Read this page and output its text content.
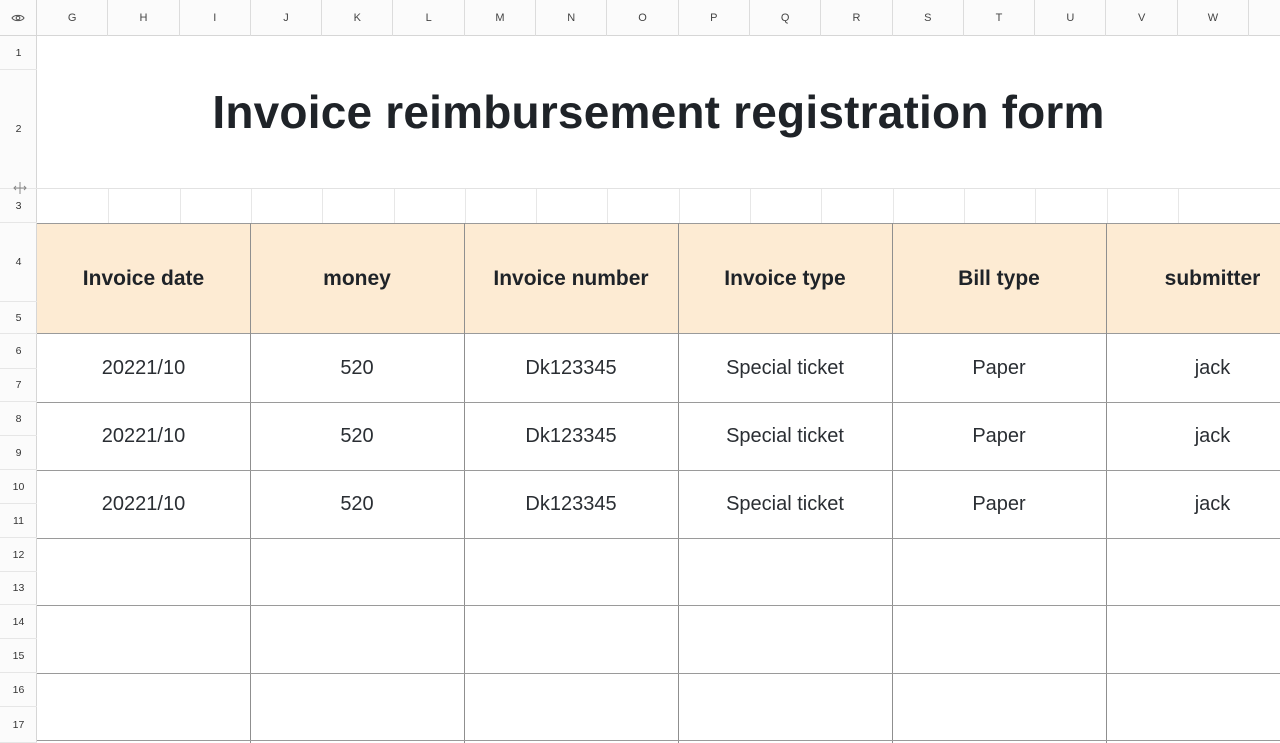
G	H	I	J	K	L	M	N	O	P	Q	R	S	T	U	V	W
1
2
3
4
5
6
7
8
9
10
11
12
13
14
15
16
17
Invoice reimbursement registration form
Invoice date	money	Invoice number	Invoice type	Bill type	submitter
20221/10	520	Dk123345	Special ticket	Paper	jack
20221/10	520	Dk123345	Special ticket	Paper	jack
20221/10	520	Dk123345	Special ticket	Paper	jack
